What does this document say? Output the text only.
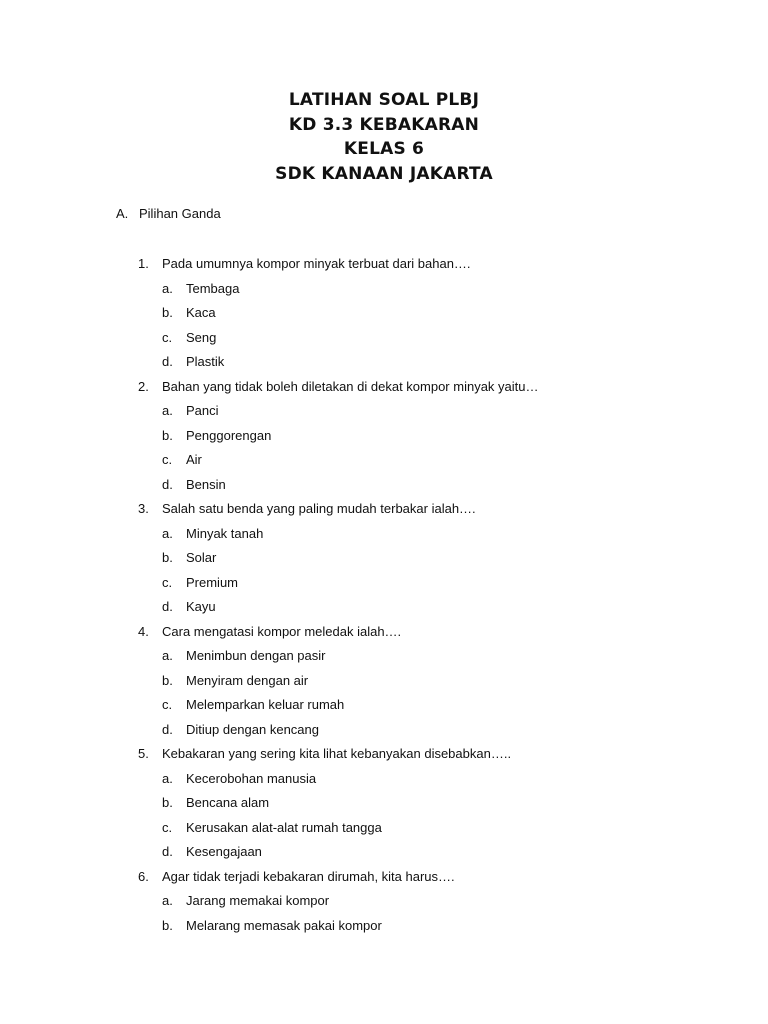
LATIHAN SOAL PLBJ
KD 3.3 KEBAKARAN
KELAS 6
SDK KANAAN JAKARTA
A. Pilihan Ganda
1. Pada umumnya kompor minyak terbuat dari bahan….
a. Tembaga
b. Kaca
c. Seng
d. Plastik
2. Bahan yang tidak boleh diletakan di dekat kompor minyak yaitu…
a. Panci
b. Penggorengan
c. Air
d. Bensin
3. Salah satu benda yang paling mudah terbakar ialah….
a. Minyak tanah
b. Solar
c. Premium
d. Kayu
4. Cara mengatasi kompor meledak ialah….
a. Menimbun dengan pasir
b. Menyiram dengan air
c. Melemparkan keluar rumah
d. Ditiup dengan kencang
5. Kebakaran yang sering kita lihat kebanyakan disebabkan…..
a. Kecerobohan manusia
b. Bencana alam
c. Kerusakan alat-alat rumah tangga
d. Kesengajaan
6. Agar tidak terjadi kebakaran dirumah, kita harus….
a. Jarang memakai kompor
b. Melarang memasak pakai kompor
